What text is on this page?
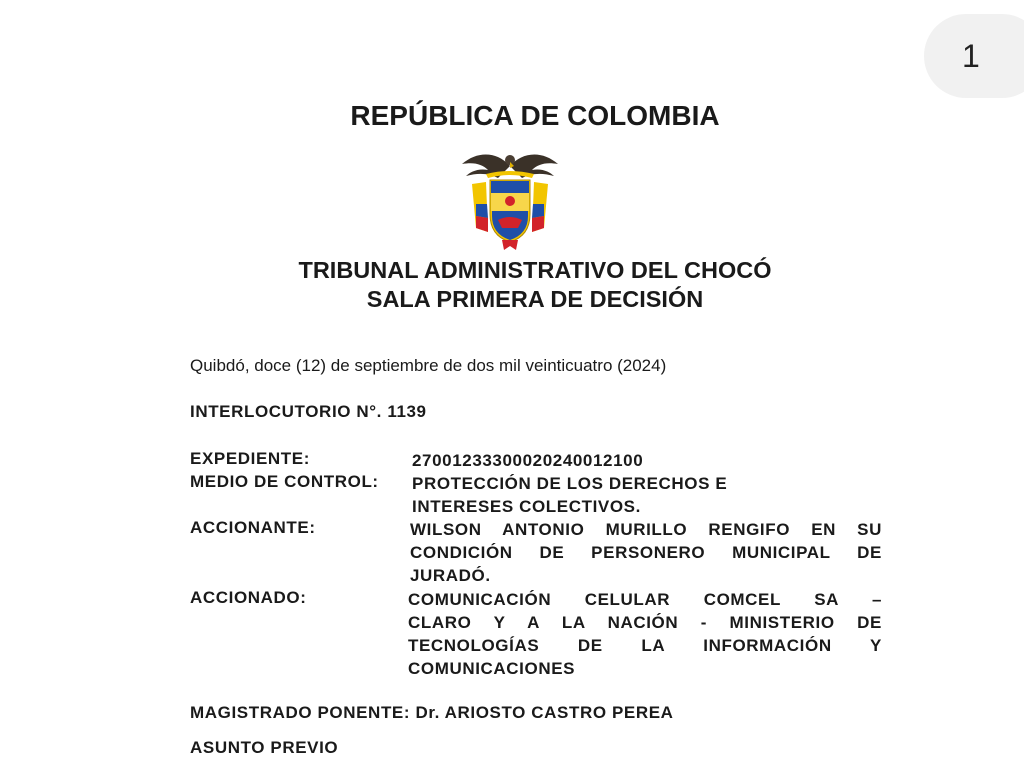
1
REPÚBLICA DE COLOMBIA
TRIBUNAL ADMINISTRATIVO DEL CHOCÓ
SALA PRIMERA DE DECISIÓN
Quibdó, doce (12) de septiembre de dos mil veinticuatro (2024)
INTERLOCUTORIO N°. 1139
EXPEDIENTE:	27001233300020240012100
MEDIO DE CONTROL: PROTECCIÓN DE LOS DERECHOS E
INTERESES COLECTIVOS.
ACCIONANTE:	WILSON ANTONIO MURILLO RENGIFO EN SU
CONDICIÓN DE PERSONERO MUNICIPAL DE
JURADÓ.
ACCIONADO:	COMUNICACIÓN CELULAR COMCEL SA –
CLARO Y A LA NACIÓN - MINISTERIO DE
TECNOLOGÍAS DE LA INFORMACIÓN Y
COMUNICACIONES
MAGISTRADO PONENTE: Dr. ARIOSTO CASTRO PEREA
ASUNTO PREVIO
